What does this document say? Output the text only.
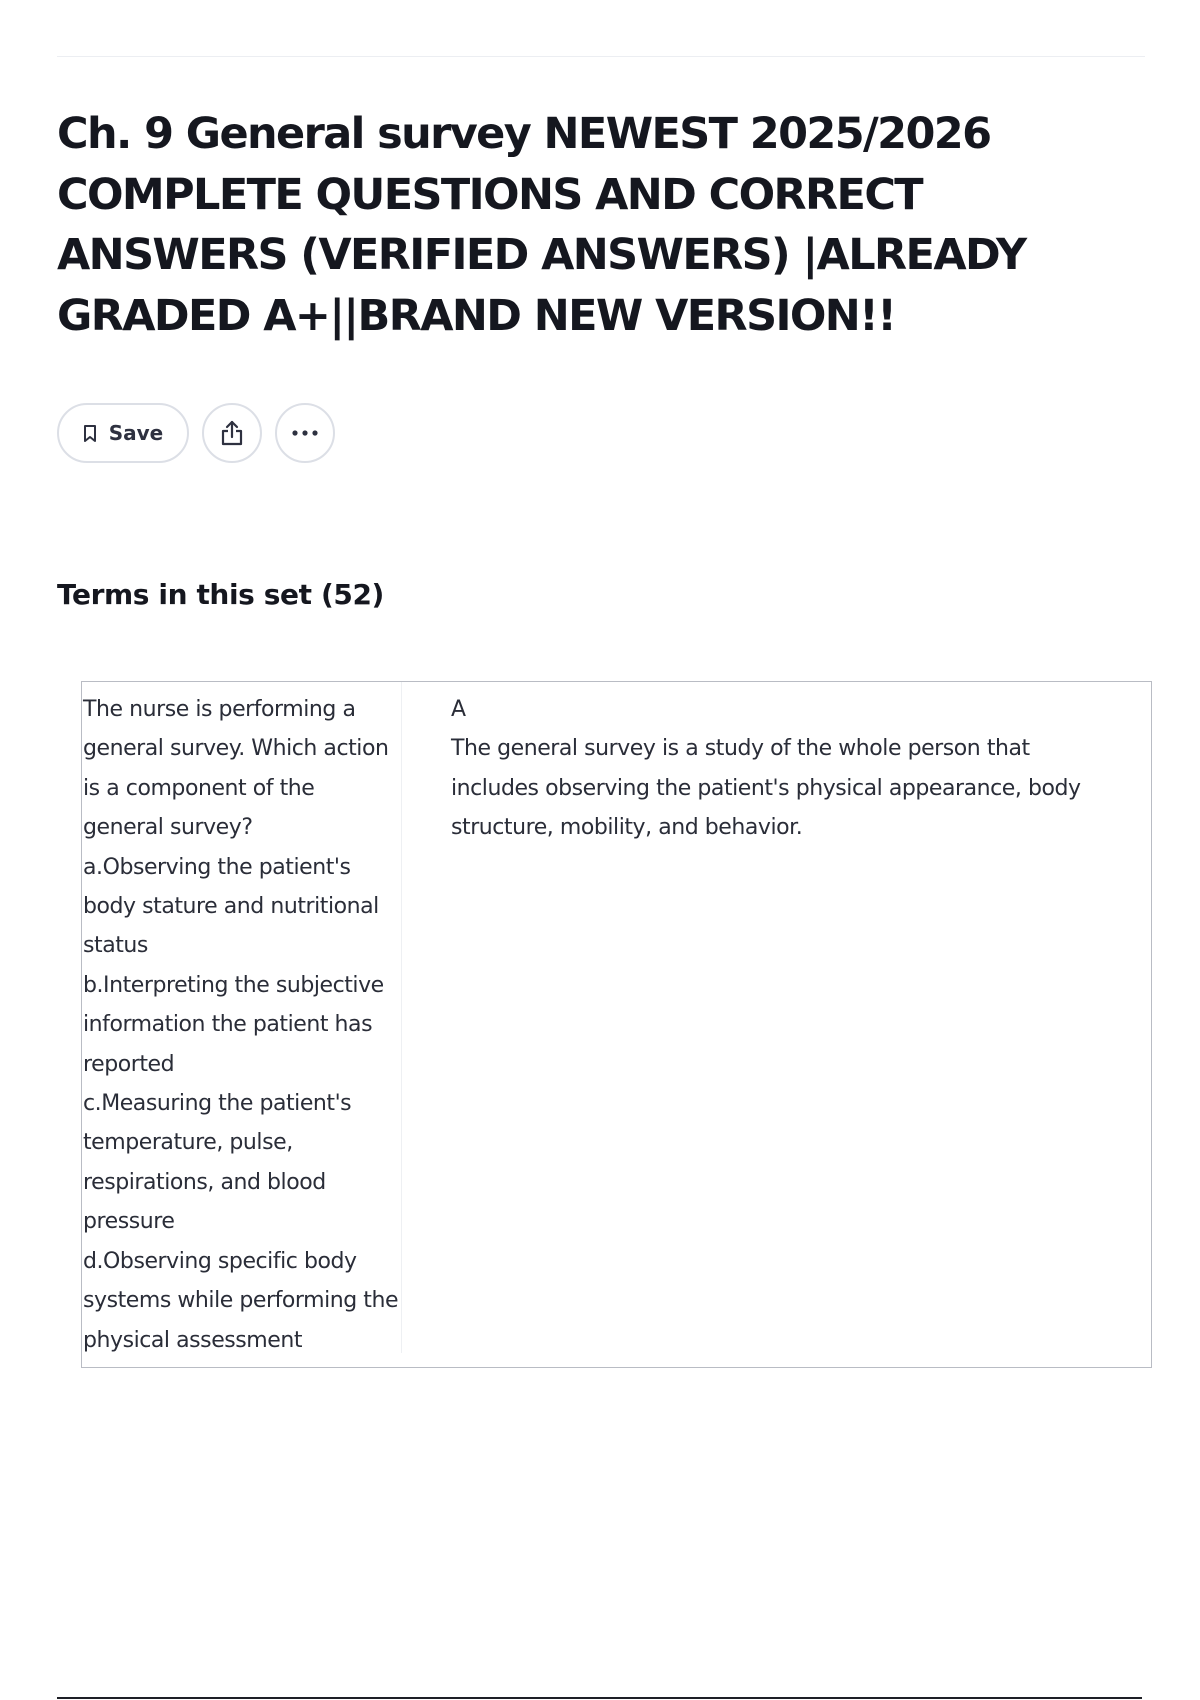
Ch. 9 General survey NEWEST 2025/2026 COMPLETE QUESTIONS AND CORRECT ANSWERS (VERIFIED ANSWERS) |ALREADY GRADED A+||BRAND NEW VERSION!!
Save
Terms in this set (52)
The nurse is performing a general survey. Which action is a component of the general survey?
a.Observing the patient's body stature and nutritional status
b.Interpreting the subjective information the patient has reported
c.Measuring the patient's temperature, pulse, respirations, and blood pressure
d.Observing specific body systems while performing the physical assessment
A
The general survey is a study of the whole person that includes observing the patient's physical appearance, body structure, mobility, and behavior.
